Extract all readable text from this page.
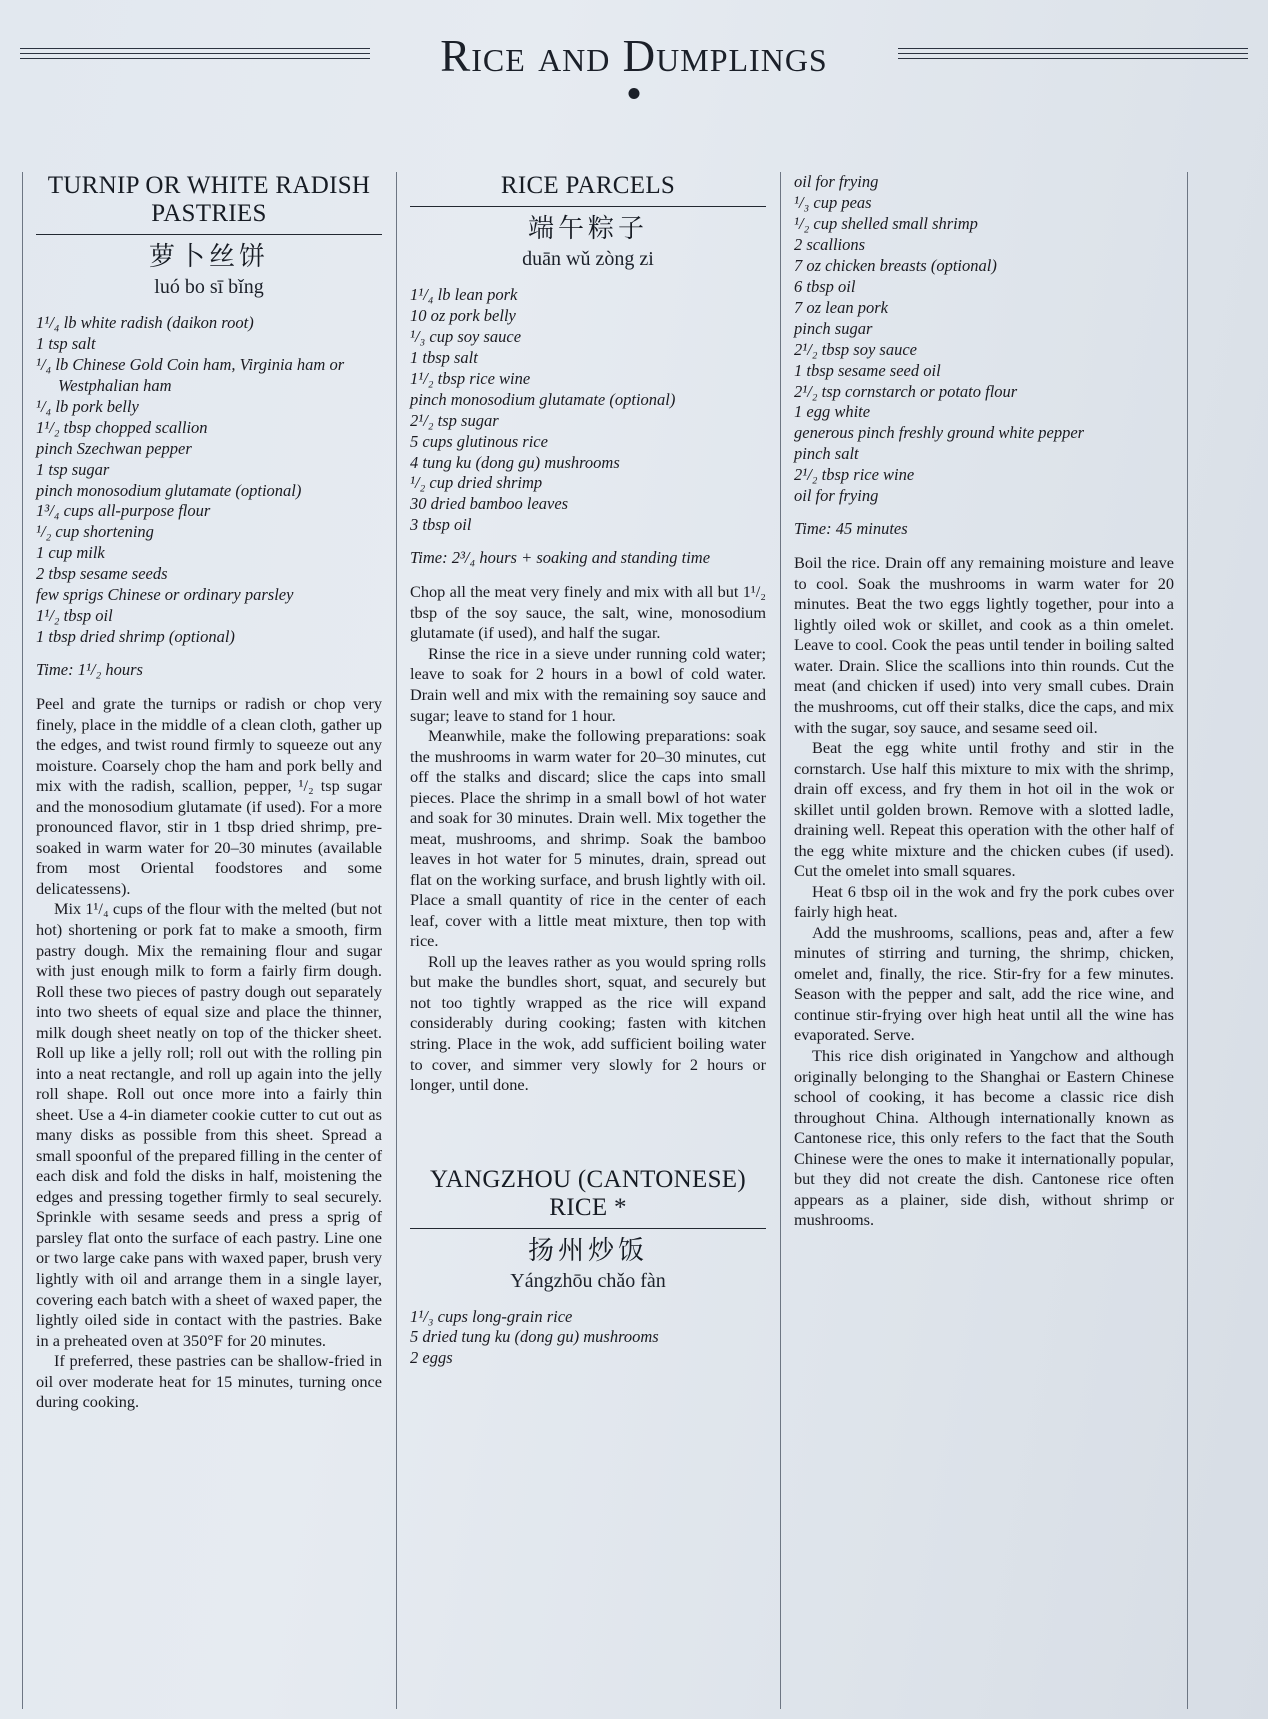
Rice and Dumplings
TURNIP OR WHITE RADISH PASTRIES
萝卜丝饼
luó bo sī bǐng
1¹/₄ lb white radish (daikon root)
1 tsp salt
¹/₄ lb Chinese Gold Coin ham, Virginia ham or
Westphalian ham
¹/₄ lb pork belly
1¹/₂ tbsp chopped scallion
pinch Szechwan pepper
1 tsp sugar
pinch monosodium glutamate (optional)
1³/₄ cups all-purpose flour
¹/₂ cup shortening
1 cup milk
2 tbsp sesame seeds
few sprigs Chinese or ordinary parsley
1¹/₂ tbsp oil
1 tbsp dried shrimp (optional)
Time: 1¹/₂ hours

Peel and grate the turnips or radish or chop very finely, place in the middle of a clean cloth, gather up the edges, and twist round firmly to squeeze out any moisture. Coarsely chop the ham and pork belly and mix with the radish, scallion, pepper, ¹/₂ tsp sugar and the monosodium glutamate (if used). For a more pronounced flavor, stir in 1 tbsp dried shrimp, pre-soaked in warm water for 20–30 minutes (available from most Oriental foodstores and some delicatessens).

Mix 1¹/₄ cups of the flour with the melted (but not hot) shortening or pork fat to make a smooth, firm pastry dough. Mix the remaining flour and sugar with just enough milk to form a fairly firm dough. Roll these two pieces of pastry dough out separately into two sheets of equal size and place the thinner, milk dough sheet neatly on top of the thicker sheet. Roll up like a jelly roll; roll out with the rolling pin into a neat rectangle, and roll up again into the jelly roll shape. Roll out once more into a fairly thin sheet. Use a 4-in diameter cookie cutter to cut out as many disks as possible from this sheet. Spread a small spoonful of the prepared filling in the center of each disk and fold the disks in half, moistening the edges and pressing together firmly to seal securely. Sprinkle with sesame seeds and press a sprig of parsley flat onto the surface of each pastry. Line one or two large cake pans with waxed paper, brush very lightly with oil and arrange them in a single layer, covering each batch with a sheet of waxed paper, the lightly oiled side in contact with the pastries. Bake in a preheated oven at 350°F for 20 minutes.

If preferred, these pastries can be shallow-fried in oil over moderate heat for 15 minutes, turning once during cooking.

RICE PARCELS
端午粽子
duān wǔ zòng zi
1¹/₄ lb lean pork
10 oz pork belly
¹/₃ cup soy sauce
1 tbsp salt
1¹/₂ tbsp rice wine
pinch monosodium glutamate (optional)
2¹/₂ tsp sugar
5 cups glutinous rice
4 tung ku (dong gu) mushrooms
¹/₂ cup dried shrimp
30 dried bamboo leaves
3 tbsp oil
Time: 2³/₄ hours + soaking and standing time

Chop all the meat very finely and mix with all but 1¹/₂ tbsp of the soy sauce, the salt, wine, monosodium glutamate (if used), and half the sugar.

Rinse the rice in a sieve under running cold water; leave to soak for 2 hours in a bowl of cold water. Drain well and mix with the remaining soy sauce and sugar; leave to stand for 1 hour.

Meanwhile, make the following preparations: soak the mushrooms in warm water for 20–30 minutes, cut off the stalks and discard; slice the caps into small pieces. Place the shrimp in a small bowl of hot water and soak for 30 minutes. Drain well. Mix together the meat, mushrooms, and shrimp. Soak the bamboo leaves in hot water for 5 minutes, drain, spread out flat on the working surface, and brush lightly with oil. Place a small quantity of rice in the center of each leaf, cover with a little meat mixture, then top with rice.

Roll up the leaves rather as you would spring rolls but make the bundles short, squat, and securely but not too tightly wrapped as the rice will expand considerably during cooking; fasten with kitchen string. Place in the wok, add sufficient boiling water to cover, and simmer very slowly for 2 hours or longer, until done.

YANGZHOU (CANTONESE) RICE *
扬州炒饭
Yángzhōu chǎo fàn
1¹/₃ cups long-grain rice
5 dried tung ku (dong gu) mushrooms
2 eggs
oil for frying
¹/₃ cup peas
¹/₂ cup shelled small shrimp
2 scallions
7 oz chicken breasts (optional)
6 tbsp oil
7 oz lean pork
pinch sugar
2¹/₂ tbsp soy sauce
1 tbsp sesame seed oil
2¹/₂ tsp cornstarch or potato flour
1 egg white
generous pinch freshly ground white pepper
pinch salt
2¹/₂ tbsp rice wine
oil for frying
Time: 45 minutes

Boil the rice. Drain off any remaining moisture and leave to cool. Soak the mushrooms in warm water for 20 minutes. Beat the two eggs lightly together, pour into a lightly oiled wok or skillet, and cook as a thin omelet. Leave to cool. Cook the peas until tender in boiling salted water. Drain. Slice the scallions into thin rounds. Cut the meat (and chicken if used) into very small cubes. Drain the mushrooms, cut off their stalks, dice the caps, and mix with the sugar, soy sauce, and sesame seed oil.

Beat the egg white until frothy and stir in the cornstarch. Use half this mixture to mix with the shrimp, drain off excess, and fry them in hot oil in the wok or skillet until golden brown. Remove with a slotted ladle, draining well. Repeat this operation with the other half of the egg white mixture and the chicken cubes (if used). Cut the omelet into small squares.

Heat 6 tbsp oil in the wok and fry the pork cubes over fairly high heat.

Add the mushrooms, scallions, peas and, after a few minutes of stirring and turning, the shrimp, chicken, omelet and, finally, the rice. Stir-fry for a few minutes. Season with the pepper and salt, add the rice wine, and continue stir-frying over high heat until all the wine has evaporated. Serve.

This rice dish originated in Yangchow and although originally belonging to the Shanghai or Eastern Chinese school of cooking, it has become a classic rice dish throughout China. Although internationally known as Cantonese rice, this only refers to the fact that the South Chinese were the ones to make it internationally popular, but they did not create the dish. Cantonese rice often appears as a plainer, side dish, without shrimp or mushrooms.
